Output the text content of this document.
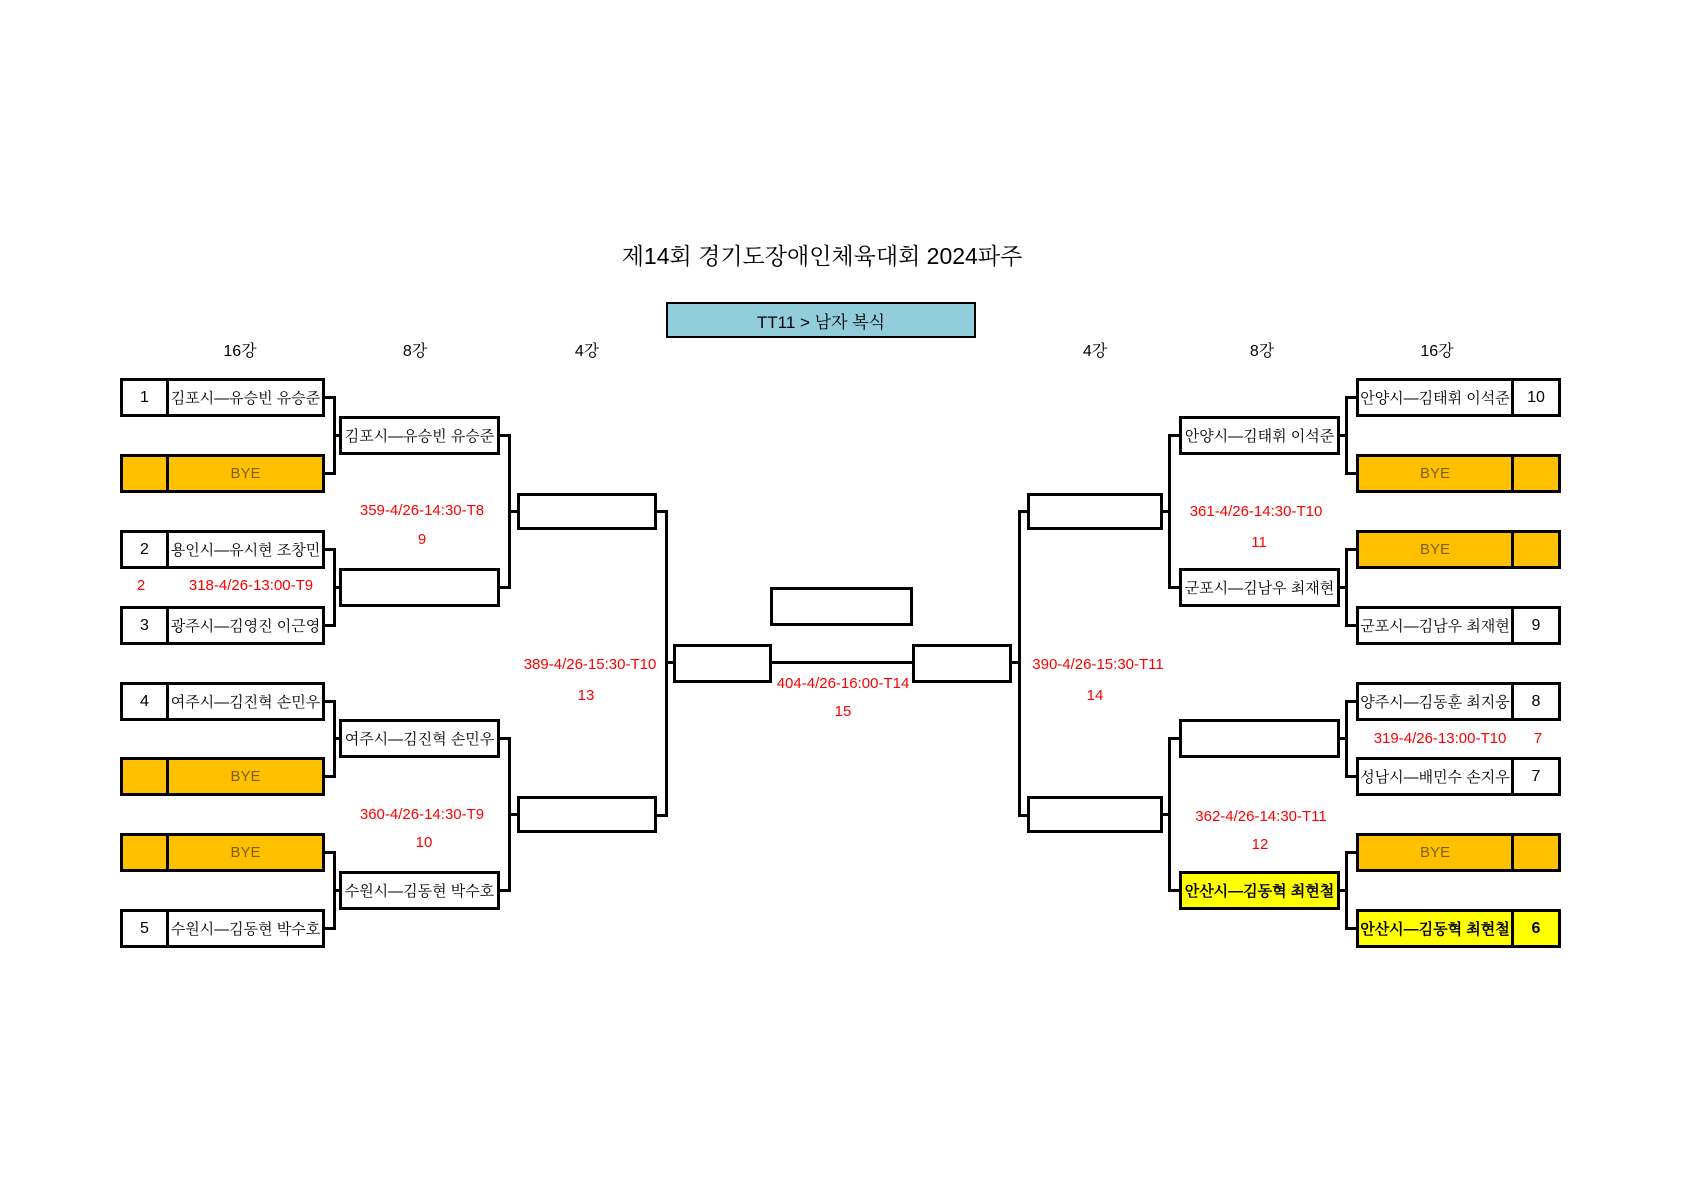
제14회 경기도장애인체육대회 2024파주
TT11 > 남자 복식
16강	8강	4강	4강	8강	16강
1	김포시—유승빈 유승준
BYE
2	용인시—유시현 조창민
3	광주시—김영진 이근영
4	여주시—김진혁 손민우
BYE
BYE
5	수원시—김동현 박수호
김포시—유승빈 유승준
여주시—김진혁 손민우
수원시—김동현 박수호
안양시—김태휘 이석준
군포시—김남우 최재현
안산시—김동혁 최현철
안양시—김태휘 이석준	10
BYE
BYE
군포시—김남우 최재현	9
양주시—김동훈 최지웅	8
성남시—배민수 손지우	7
BYE
안산시—김동혁 최현철	6
359-4/26-14:30-T8
9
2	318-4/26-13:00-T9
360-4/26-14:30-T9
10
389-4/26-15:30-T10
13
404-4/26-16:00-T14
15
390-4/26-15:30-T11
14
361-4/26-14:30-T10
11
319-4/26-13:00-T10 7
362-4/26-14:30-T11
12
